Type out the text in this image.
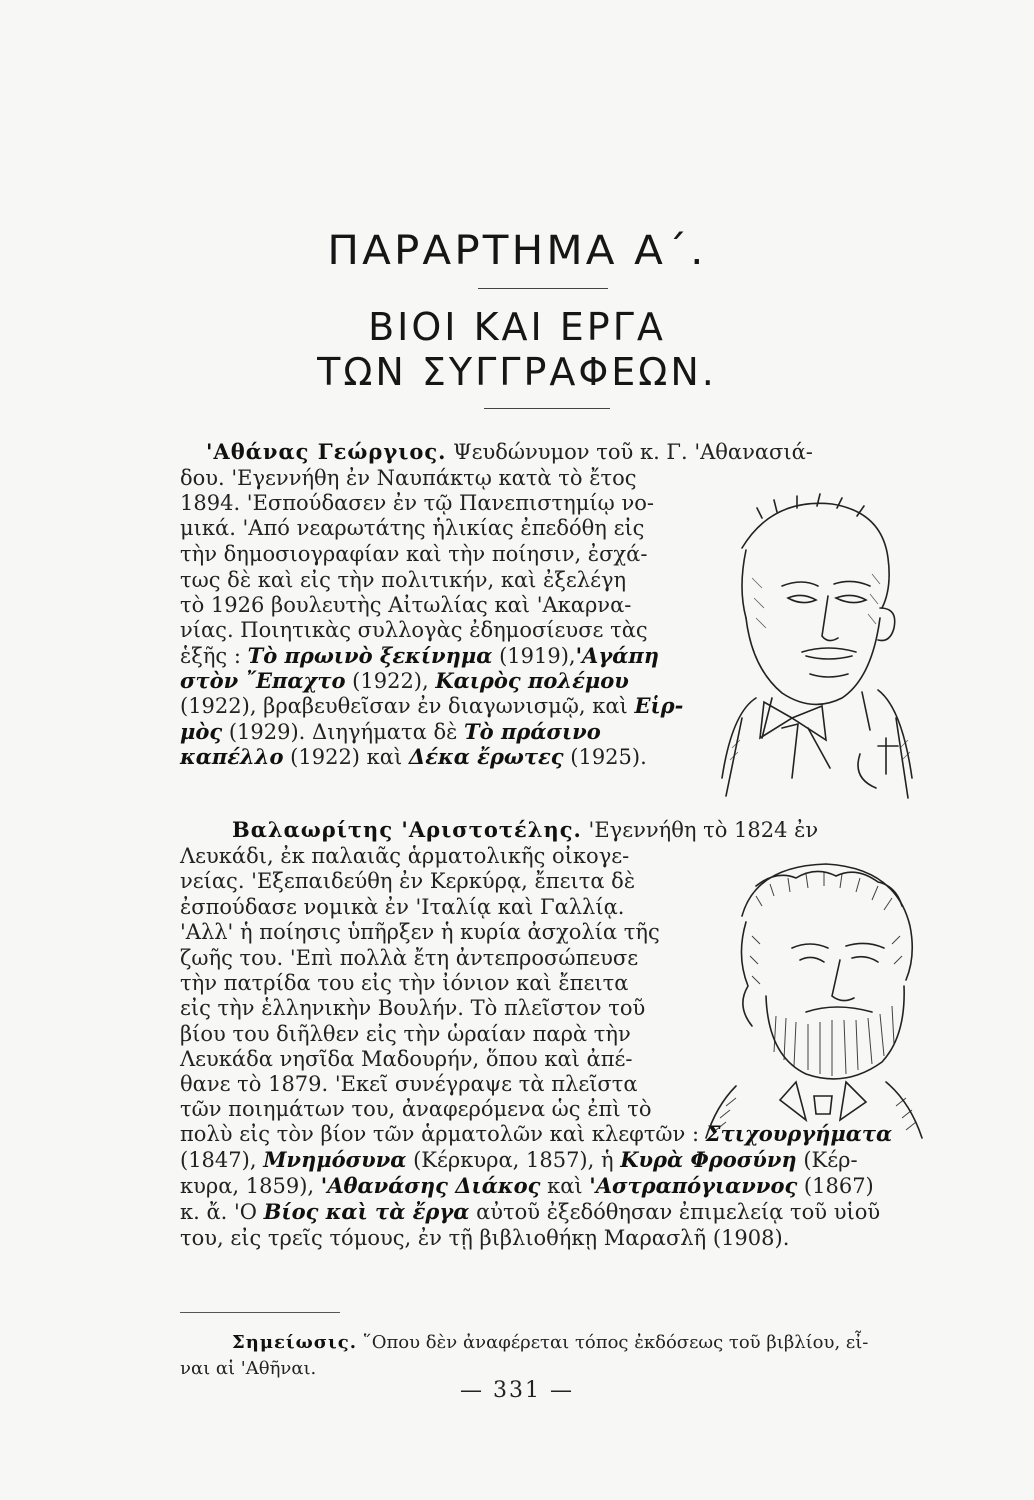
ΠΑΡΑΡΤΗΜΑ Α΄.
ΒΙΟΙ ΚΑΙ ΕΡΓΑ
ΤΩΝ ΣΥΓΓΡΑΦΕΩΝ.
'Αθάνας Γεώργιος. Ψευδώνυμον τοῦ κ. Γ. 'Αθανασιά-
δου. 'Εγεννήθη ἐν Ναυπάκτῳ κατὰ τὸ ἔτος
1894. 'Εσπούδασεν ἐν τῷ Πανεπιστημίῳ νο-
μικά. 'Από νεαρωτάτης ἡλικίας ἐπεδόθη εἰς
τὴν δημοσιογραφίαν καὶ τὴν ποίησιν, ἐσχά-
τως δὲ καὶ εἰς τὴν πολιτικήν, καὶ ἐξελέγη
τὸ 1926 βουλευτὴς Αἰτωλίας καὶ 'Ακαρνα-
νίας. Ποιητικὰς συλλογὰς ἐδημοσίευσε τὰς
ἑξῆς : Τὸ πρωινὸ ξεκίνημα (1919),'Αγάπη
στὸν ῎Επαχτο (1922), Καιρὸς πολέμου
(1922), βραβευθεῖσαν ἐν διαγωνισμῷ, καὶ Εἱρ-
μὸς (1929). Διηγήματα δὲ Τὸ πράσινο
καπέλλο (1922) καὶ Δέκα ἔρωτες (1925).
Βαλαωρίτης 'Αριστοτέλης. 'Εγεννήθη τὸ 1824 ἐν
Λευκάδι, ἐκ παλαιᾶς ἁρματολικῆς οἰκογε-
νείας. 'Εξεπαιδεύθη ἐν Κερκύρᾳ, ἔπειτα δὲ
ἐσπούδασε νομικὰ ἐν 'Ιταλίᾳ καὶ Γαλλίᾳ.
'Αλλ' ἡ ποίησις ὑπῆρξεν ἡ κυρία ἀσχολία τῆς
ζωῆς του. 'Επὶ πολλὰ ἔτη ἀντεπροσώπευσε
τὴν πατρίδα του εἰς τὴν ἰόνιον καὶ ἔπειτα
εἰς τὴν ἑλληνικὴν Βουλήν. Τὸ πλεῖστον τοῦ
βίου του διῆλθεν εἰς τὴν ὡραίαν παρὰ τὴν
Λευκάδα νησῖδα Μαδουρήν, ὅπου καὶ ἀπέ-
θανε τὸ 1879. 'Εκεῖ συνέγραψε τὰ πλεῖστα
τῶν ποιημάτων του, ἀναφερόμενα ὡς ἐπὶ τὸ
πολὺ εἰς τὸν βίον τῶν ἁρματολῶν καὶ κλεφτῶν : Στιχουργήματα
(1847), Μνημόσυνα (Κέρκυρα, 1857), ἡ Κυρὰ Φροσύνη (Κέρ-
κυρα, 1859), 'Αθανάσης Διάκος καὶ 'Αστραπόγιαννος (1867)
κ. ἄ. 'Ο Βίος καὶ τὰ ἔργα αὐτοῦ ἐξεδόθησαν ἐπιμελείᾳ τοῦ υἱοῦ
του, εἰς τρεῖς τόμους, ἐν τῇ βιβλιοθήκῃ Μαρασλῆ (1908).
Σημείωσις. ῞Οπου δὲν ἀναφέρεται τόπος ἐκδόσεως τοῦ βιβλίου, εἶ-
ναι αἱ 'Αθῆναι.
— 331 —
